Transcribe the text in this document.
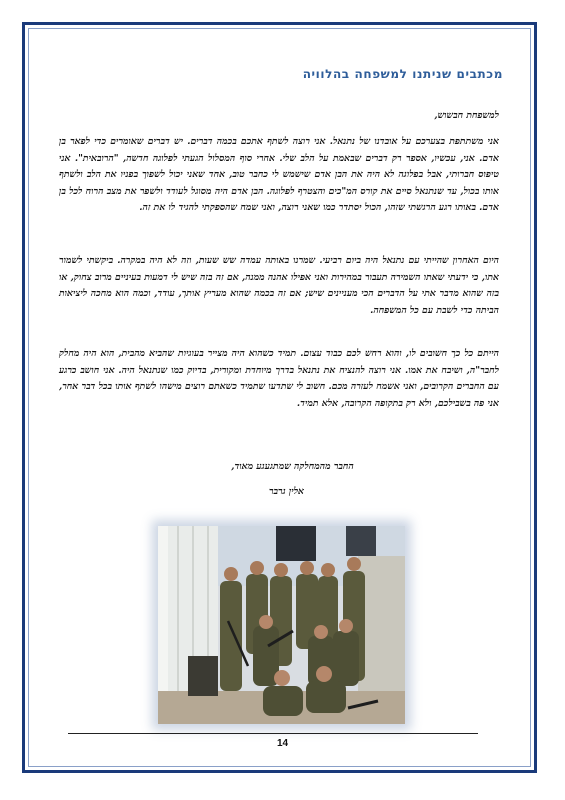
מכתבים שניתנו למשפחה בהלוויה

למשפחת חבשוש,

אני משתתפת בצערכם על אובדנו של נתנאל. אני רוצה לשתף אתכם בכמה דברים. יש דברים שאומרים כדי לפאר בן אדם. אני, עכשיו, אספר רק דברים שבאמת על הלב שלי. אחרי סוף המסלול הגעתי לפלוגה חדשה, "הרובאית". אני טיפוס חברותי, אבל בפלוגה לא היה את הבן אדם שישמש לי כחבר טוב, אחד שאני יכול לשפוך בפניו את הלב ולשתף אותו בכול, עד שנתנאל סיים את קורס המ"כים והצטרף לפלוגה. הבן אדם היה מסוגל לעודד ולשפר את מצב הרוח לכל בן אדם. באותו רגע הרגשתי שזהו, הכול יסתדר כמו שאני רוצה, ואני שמח שהספקתי להגיד לו את זה.

היום האחרון שהייתי עם נתנאל היה ביום רביעי. שמרנו באותה עמדה שש שעות, וזה לא היה במקרה. ביקשתי לשמור אתו, כי ידעתי שאתו השמירה תעבור במהירות ואני אפילו אהנה ממנה, אם זה בזה שיש לי דמעות בעיניים מרוב צחוק, או בזה שהוא מדבר אתי על הדברים הכי מעניינים שיש; אם זה בכמה שהוא מעריץ אותך, עודד, וכמה הוא מחכה ליציאות הביתה כדי לשבת עם כל המשפחה.

הייתם כל כך חשובים לו, והוא רחש לכם כבוד עצום. תמיד כשהוא היה מצייר בעוגיות שהביא מהבית, הוא היה מחלק לחבר"ה, ושיבח את אמו. אני רוצה להנציח את נתנאל בדרך מיוחדת ומקורית, בדיוק כמו שנתנאל היה. אני חושב כרגע עם החברים הקרובים, ואני אשמח לעזרה מכם. חשוב לי שתדעו שתמיד כשאתם רוצים מישהו לשתף אותו בכל דבר אחר, אני פה בשבילכם, ולא רק בתקופה הקרובה, אלא תמיד.

החבר מהמחלקה שמתגעגע מאוד,
אלין גרבר
14
